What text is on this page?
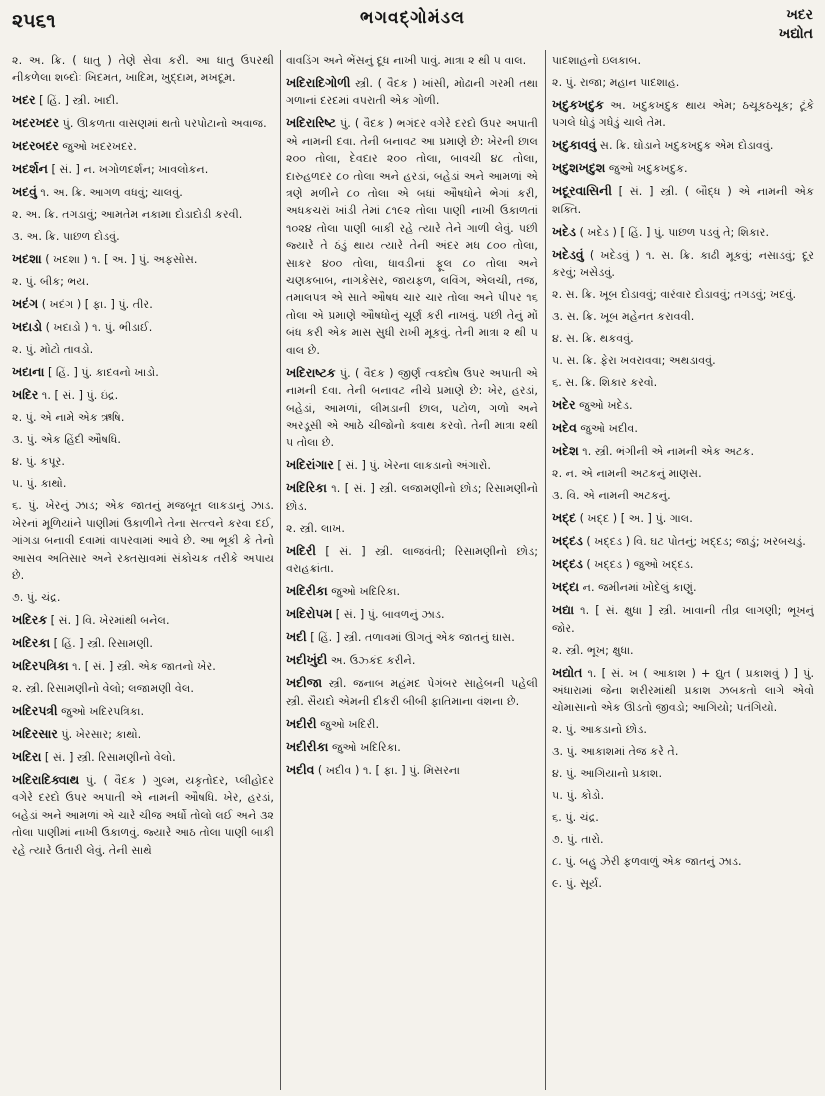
૨૫૬૧	ભગવદ્ગોમંડલ	ખદર
ખદ્યોત
૨. અ. ક્રિ. ( ધાતુ ) તેણે સેવા કરી. આ ધાતુ ઉપરથી નીકળેલા શબ્દોઃ ખિદમત, ખાદિમ, ખુદ્દામ, મખદૂમ.
ખદર [ હિં. ] સ્ત્રી. ખાદી.
ખદરખદર પું. ઊકળતા વાસણમાં થતો પરપોટાનો અવાજ.
ખદરબદર જુઓ ખદરખદર.
ખદર્શન [ સં. ] ન. ખગોળદર્શન; ખાવલોકન.
ખદવું ૧. અ. ક્રિ. આગળ વધવું; ચાલવું.
૨. અ. ક્રિ. તગડાવું; આમતેમ નકામા દોડાદોડી કરવી.
૩. અ. ક્રિ. પાછળ દોડવું.
ખદશા ( ખદશા ) ૧. [ અ. ] પું. અફસોસ.
૨. પું. બીક; ભય.
ખદંગ ( ખદંગ ) [ ફા. ] પું. તીર.
ખદાડો ( ખદાડો ) ૧. પું. ભીડાઈ.
૨. પું. મોટો તાવડો.
ખદાના [ હિં. ] પું. કાદવનો ખાડો.
ખદિર ૧. [ સં. ] પું. ઇંદ્ર.
૨. પું. એ નામે એક ઋષિ.
૩. પું. એક હિંદી ઔષધિ.
૪. પું. કપૂર.
૫. પું. કાથો.
૬. પું. ખેરનું ઝાડ; એક જાતનું મજબૂત લાકડાનું ઝાડ. ખેરનાં મૂળિયાંને પાણીમાં ઉકાળીને તેના સત્ત્વને કરવા દઈ, ગાંગડા બનાવી દવામાં વાપરવામાં આવે છે. આ ભૂકી કે તેનો આસવ અતિસાર અને રક્તસ્રાવમાં સંકોચક તરીકે અપાય છે.
૭. પું. ચંદ્ર.
ખદિરક [ સં. ] વિ. ખેરમાંથી બનેલ.
ખદિરકા [ હિં. ] સ્ત્રી. રિસામણી.
ખદિરપત્રિકા ૧. [ સં. ] સ્ત્રી. એક જાતનો ખેર.
૨. સ્ત્રી. રિસામણીનો વેલો; લજામણી વેલ.
ખદિરપત્રી જુઓ ખદિરપત્રિકા.
ખદિરસાર પું. ખેરસાર; કાથો.
ખદિરા [ સં. ] સ્ત્રી. રિસામણીનો વેલો.
ખદિરાદિક્વાથ પું. ( વૈદક ) ગુલ્મ, યકૃતોદર, પ્લીહોદર વગેરે દરદો ઉપર અપાતી એ નામની ઔષધિ. ખેર, હરડાં, બહેડાં અને આમળાં એ ચારે ચીજ અર્ધો તોલો લઈ અને ૩૨ તોલા પાણીમાં નાખી ઉકાળવું. જ્યારે આઠ તોલા પાણી બાકી રહે ત્યારે ઉતારી લેવું. તેની સાથે
વાવડિંગ અને ભેંસનું દૂધ નાખી પાવું. માત્રા ૨ થી ૫ વાલ.
ખદિરાદિગોળી સ્ત્રી. ( વૈદક ) ખાંસી, મોઢાની ગરમી તથા ગળાનાં દરદમાં વપરાતી એક ગોળી.
ખદિરારિષ્ટ પું. ( વૈદક ) ભગંદર વગેરે દરદો ઉપર અપાતી એ નામની દવા. તેની બનાવટ આ પ્રમાણે છે: ખેરની છાલ ૨૦૦ તોલા, દેવદાર ૨૦૦ તોલા, બાવચી ૪૮ તોલા, દારુહળદર ૮૦ તોલા અને હરડાં, બહેડાં અને આમળાં એ ત્રણે મળીને ૮૦ તોલા એ બધાં ઔષધોને ભેગાં કરી, અધકચરાં ખાંડી તેમાં ૮૧૯૨ તોલા પાણી નાખી ઉકાળતાં ૧૦૨૪ તોલા પાણી બાકી રહે ત્યારે તેને ગાળી લેવું. પછી જ્યારે તે ઠંડું થાય ત્યારે તેની અંદર મધ ૮૦૦ તોલા, સાકર ૪૦૦ તોલા, ધાવડીનાં ફૂલ ૮૦ તોલા અને ચણકબાબ, નાગકેસર, જાયફળ, લવિંગ, એલચી, તજ, તમાલપત્ર એ સાતે ઔષધ ચાર ચાર તોલા અને પીપર ૧૬ તોલા એ પ્રમાણે ઔષધોનું ચૂર્ણ કરી નાખવું. પછી તેનું મોં બંધ કરી એક માસ સુધી રાખી મૂકવું. તેની માત્રા ૨ થી ૫ વાલ છે.
ખદિરાષ્ટક પું. ( વૈદક ) જીર્ણ ત્વક્દોષ ઉપર અપાતી એ નામની દવા. તેની બનાવટ નીચે પ્રમાણે છે: ખેર, હરડાં, બહેડાં, આમળાં, લીમડાની છાલ, પટોળ, ગળો અને અરડૂસી એ આઠે ચીજોનો ક્વાથ કરવો. તેની માત્રા ૨થી ૫ તોલા છે.
ખદિરાંગાર [ સં. ] પું. ખેરના લાકડાનો અંગારો.
ખદિરિકા ૧. [ સં. ] સ્ત્રી. લજામણીનો છોડ; રિસામણીનો છોડ.
૨. સ્ત્રી. લાખ.
ખદિરી [ સં. ] સ્ત્રી. લાજવંતી; રિસામણીનો છોડ; વરાહક્રાંતા.
ખદિરીકા જુઓ ખદિરિકા.
ખદિરોપમ [ સં. ] પું. બાવળનું ઝાડ.
ખદી [ હિં. ] સ્ત્રી. તળાવમાં ઊગતું એક જાતનું ઘાસ.
ખદીખુંદી અ. ઉઝ્કંદ કરીને.
ખદીજા સ્ત્રી. જનાબ મહંમદ પેગંબર સાહેબની પહેલી સ્ત્રી. સૈયદો એમની દીકરી બીબી ફાતિમાના વંશના છે.
ખદીરી જુઓ ખદિરી.
ખદીરીકા જુઓ ખદિરિકા.
ખદીવ ( ખદીવ ) ૧. [ ફા. ] પું. મિસરના
પાદશાહનો ઇલકાબ.
૨. પું. રાજા; મહાન પાદશાહ.
ખદુકખદુક અ. ખદુકખદુક થાય એમ; ઠચૂકઠચૂક; ટૂંકે પગલે ધોડું ગધેડું ચાલે તેમ.
ખદુકાવવું સ. ક્રિ. ઘોડાને ખદુકખદુક એમ દોડાવવું.
ખદુશખદુશ જુઓ ખદુકખદુક.
ખદૂરવાસિની [ સં. ] સ્ત્રી. ( બૌદ્ધ ) એ નામની એક શક્તિ.
ખદેડ ( ખદેડ ) [ હિં. ] પું. પાછળ પડવું તે; શિકાર.
ખદેડવું ( ખદેડવું ) ૧. સ. ક્રિ. કાઢી મૂકવું; નસાડવું; દૂર કરવું; ખસેડવું.
૨. સ. ક્રિ. ખૂબ દોડાવવું; વારંવાર દોડાવવું; તગડવું; ખદવું.
૩. સ. ક્રિ. ખૂબ મહેનત કરાવવી.
૪. સ. ક્રિ. થકવવું.
૫. સ. ક્રિ. ફેરા ખવરાવવા; અથડાવવું.
૬. સ. ક્રિ. શિકાર કરવો.
ખદેર જુઓ ખદેડ.
ખદેવ જુઓ ખદીવ.
ખદેશ ૧. સ્ત્રી. ભંગીની એ નામની એક અટક.
૨. ન. એ નામની અટકનું માણસ.
૩. વિ. એ નામની અટકનું.
ખદ્દ ( ખદ્દ ) [ અ. ] પું. ગાલ.
ખદ્દડ ( ખદ્દડ ) વિ. ઘટ પોતનું; ખદ્દડ; જાડું; ખરબચડું.
ખદ્દડ ( ખદ્દડ ) જુઓ ખદ્દડ.
ખદ્દા ન. જમીનમાં ખોદેલું કાણું.
ખદ્યા ૧. [ સં. ક્ષુધા ] સ્ત્રી. ખાવાની તીવ્ર લાગણી; ભૂખનું જોર.
૨. સ્ત્રી. ભૂખ; ક્ષુધા.
ખદ્યોત ૧. [ સં. ખ ( આકાશ ) + દ્યુત ( પ્રકાશવું ) ] પું. અંધારામાં જેના શરીરમાંથી પ્રકાશ ઝબકતો લાગે એવો ચોમાસાનો એક ઊડતો જીવડો; આગિયો; પતંગિયો.
૨. પું. આકડાનો છોડ.
૩. પું. આકાશમાં તેજ કરે તે.
૪. પું. આગિયાનો પ્રકાશ.
૫. પું. કોડો.
૬. પું. ચંદ્ર.
૭. પું. તારો.
૮. પું. બહુ ઝેરી ફળવાળું એક જાતનું ઝાડ.
૯. પું. સૂર્ય.
